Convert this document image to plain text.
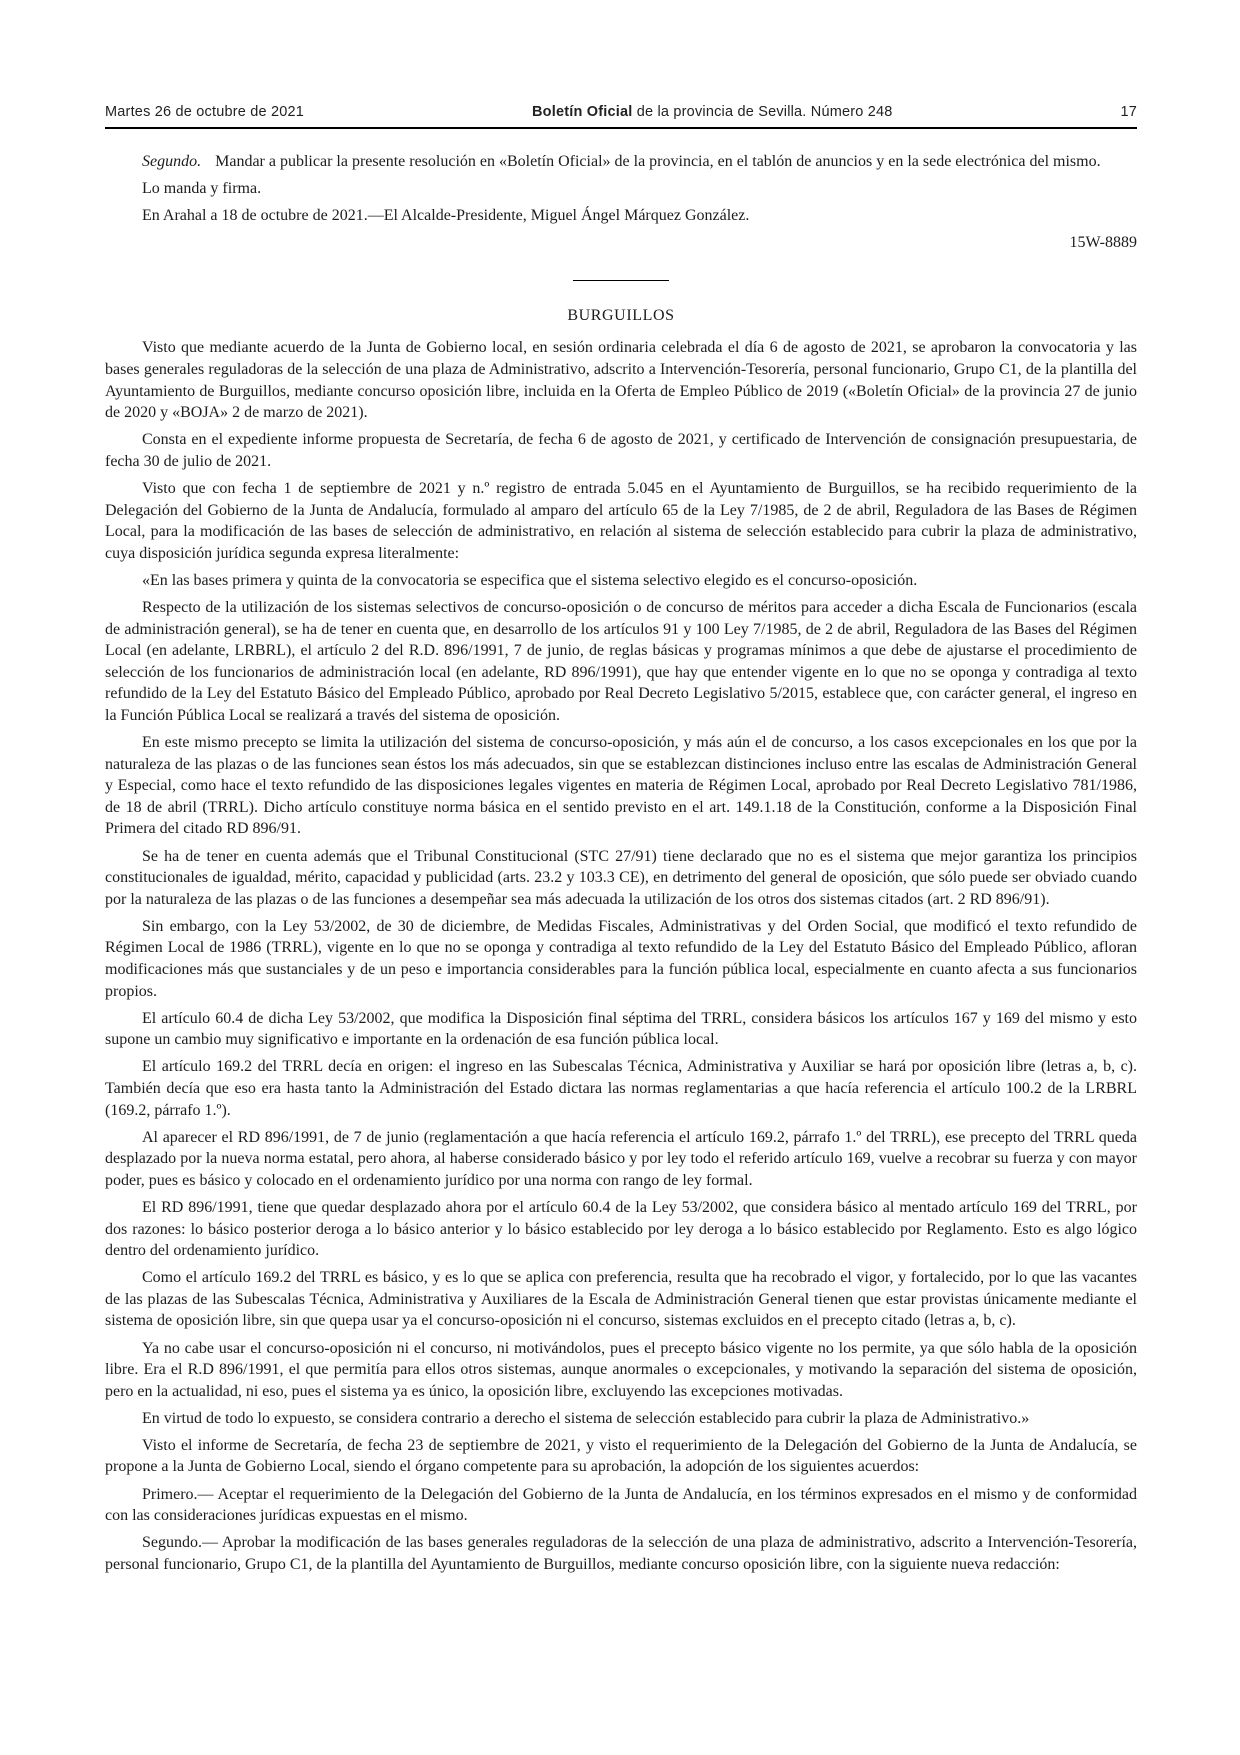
Martes 26 de octubre de 2021	Boletín Oficial de la provincia de Sevilla. Número 248	17

Segundo. Mandar a publicar la presente resolución en «Boletín Oficial» de la provincia, en el tablón de anuncios y en la sede electrónica del mismo.

Lo manda y firma.

En Arahal a 18 de octubre de 2021.—El Alcalde-Presidente, Miguel Ángel Márquez González.

15W-8889

BURGUILLOS

Visto que mediante acuerdo de la Junta de Gobierno local, en sesión ordinaria celebrada el día 6 de agosto de 2021, se aprobaron la convocatoria y las bases generales reguladoras de la selección de una plaza de Administrativo, adscrito a Intervención-Tesorería, personal funcionario, Grupo C1, de la plantilla del Ayuntamiento de Burguillos, mediante concurso oposición libre, incluida en la Oferta de Empleo Público de 2019 («Boletín Oficial» de la provincia 27 de junio de 2020 y «BOJA» 2 de marzo de 2021).

Consta en el expediente informe propuesta de Secretaría, de fecha 6 de agosto de 2021, y certificado de Intervención de consignación presupuestaria, de fecha 30 de julio de 2021.

Visto que con fecha 1 de septiembre de 2021 y n.º registro de entrada 5.045 en el Ayuntamiento de Burguillos, se ha recibido requerimiento de la Delegación del Gobierno de la Junta de Andalucía, formulado al amparo del artículo 65 de la Ley 7/1985, de 2 de abril, Reguladora de las Bases de Régimen Local, para la modificación de las bases de selección de administrativo, en relación al sistema de selección establecido para cubrir la plaza de administrativo, cuya disposición jurídica segunda expresa literalmente:

«En las bases primera y quinta de la convocatoria se especifica que el sistema selectivo elegido es el concurso-oposición.

Respecto de la utilización de los sistemas selectivos de concurso-oposición o de concurso de méritos para acceder a dicha Escala de Funcionarios (escala de administración general), se ha de tener en cuenta que, en desarrollo de los artículos 91 y 100 Ley 7/1985, de 2 de abril, Reguladora de las Bases del Régimen Local (en adelante, LRBRL), el artículo 2 del R.D. 896/1991, 7 de junio, de reglas básicas y programas mínimos a que debe de ajustarse el procedimiento de selección de los funcionarios de administración local (en adelante, RD 896/1991), que hay que entender vigente en lo que no se oponga y contradiga al texto refundido de la Ley del Estatuto Básico del Empleado Público, aprobado por Real Decreto Legislativo 5/2015, establece que, con carácter general, el ingreso en la Función Pública Local se realizará a través del sistema de oposición.

En este mismo precepto se limita la utilización del sistema de concurso-oposición, y más aún el de concurso, a los casos excepcionales en los que por la naturaleza de las plazas o de las funciones sean éstos los más adecuados, sin que se establezcan distinciones incluso entre las escalas de Administración General y Especial, como hace el texto refundido de las disposiciones legales vigentes en materia de Régimen Local, aprobado por Real Decreto Legislativo 781/1986, de 18 de abril (TRRL). Dicho artículo constituye norma básica en el sentido previsto en el art. 149.1.18 de la Constitución, conforme a la Disposición Final Primera del citado RD 896/91.

Se ha de tener en cuenta además que el Tribunal Constitucional (STC 27/91) tiene declarado que no es el sistema que mejor garantiza los principios constitucionales de igualdad, mérito, capacidad y publicidad (arts. 23.2 y 103.3 CE), en detrimento del general de oposición, que sólo puede ser obviado cuando por la naturaleza de las plazas o de las funciones a desempeñar sea más adecuada la utilización de los otros dos sistemas citados (art. 2 RD 896/91).

Sin embargo, con la Ley 53/2002, de 30 de diciembre, de Medidas Fiscales, Administrativas y del Orden Social, que modificó el texto refundido de Régimen Local de 1986 (TRRL), vigente en lo que no se oponga y contradiga al texto refundido de la Ley del Estatuto Básico del Empleado Público, afloran modificaciones más que sustanciales y de un peso e importancia considerables para la función pública local, especialmente en cuanto afecta a sus funcionarios propios.

El artículo 60.4 de dicha Ley 53/2002, que modifica la Disposición final séptima del TRRL, considera básicos los artículos 167 y 169 del mismo y esto supone un cambio muy significativo e importante en la ordenación de esa función pública local.

El artículo 169.2 del TRRL decía en origen: el ingreso en las Subescalas Técnica, Administrativa y Auxiliar se hará por oposición libre (letras a, b, c). También decía que eso era hasta tanto la Administración del Estado dictara las normas reglamentarias a que hacía referencia el artículo 100.2 de la LRBRL (169.2, párrafo 1.º).

Al aparecer el RD 896/1991, de 7 de junio (reglamentación a que hacía referencia el artículo 169.2, párrafo 1.º del TRRL), ese precepto del TRRL queda desplazado por la nueva norma estatal, pero ahora, al haberse considerado básico y por ley todo el referido artículo 169, vuelve a recobrar su fuerza y con mayor poder, pues es básico y colocado en el ordenamiento jurídico por una norma con rango de ley formal.

El RD 896/1991, tiene que quedar desplazado ahora por el artículo 60.4 de la Ley 53/2002, que considera básico al mentado artículo 169 del TRRL, por dos razones: lo básico posterior deroga a lo básico anterior y lo básico establecido por ley deroga a lo básico establecido por Reglamento. Esto es algo lógico dentro del ordenamiento jurídico.

Como el artículo 169.2 del TRRL es básico, y es lo que se aplica con preferencia, resulta que ha recobrado el vigor, y fortalecido, por lo que las vacantes de las plazas de las Subescalas Técnica, Administrativa y Auxiliares de la Escala de Administración General tienen que estar provistas únicamente mediante el sistema de oposición libre, sin que quepa usar ya el concurso-oposición ni el concurso, sistemas excluidos en el precepto citado (letras a, b, c).

Ya no cabe usar el concurso-oposición ni el concurso, ni motivándolos, pues el precepto básico vigente no los permite, ya que sólo habla de la oposición libre. Era el R.D 896/1991, el que permitía para ellos otros sistemas, aunque anormales o excepcionales, y motivando la separación del sistema de oposición, pero en la actualidad, ni eso, pues el sistema ya es único, la oposición libre, excluyendo las excepciones motivadas.

En virtud de todo lo expuesto, se considera contrario a derecho el sistema de selección establecido para cubrir la plaza de Administrativo.»

Visto el informe de Secretaría, de fecha 23 de septiembre de 2021, y visto el requerimiento de la Delegación del Gobierno de la Junta de Andalucía, se propone a la Junta de Gobierno Local, siendo el órgano competente para su aprobación, la adopción de los siguientes acuerdos:

Primero.— Aceptar el requerimiento de la Delegación del Gobierno de la Junta de Andalucía, en los términos expresados en el mismo y de conformidad con las consideraciones jurídicas expuestas en el mismo.

Segundo.— Aprobar la modificación de las bases generales reguladoras de la selección de una plaza de administrativo, adscrito a Intervención-Tesorería, personal funcionario, Grupo C1, de la plantilla del Ayuntamiento de Burguillos, mediante concurso oposición libre, con la siguiente nueva redacción:
